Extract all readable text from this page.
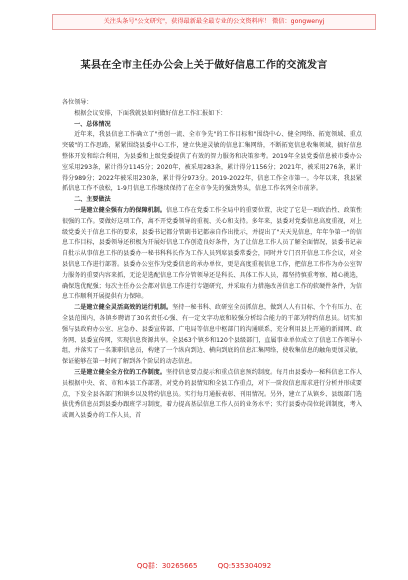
关注头条号"公文研究"，获得最新最全最专业的公文资料库！ 微信：gongwenyj
某县在全市主任办公会上关于做好信息工作的交流发言

各位领导：

根据会议安排，下面我就县如何做好信息工作汇报如下：

一、总体情况

近年来，我县信息工作确立了"勇创一流、全市争先"的工作目标和"围绕中心、健全网络、拓宽领域、重点突破"的工作思路，紧紧围绕县委中心工作，建立快速灵敏的信息汇集网络，不断拓宽信息收集领域，搞好信息整体开发和综合利用，为县委和上级党委提供了有效的智力服务和决策参考。2019年全县党委信息被市委办公室采用293条，累计得分1145分；2020年，被采用283条，累计得分1156分；2021年，被采用276条，累计得分989分；2022年被采用230条，累计得分973分。2019-2022年，信息工作全市第一。今年以来，我县紧抓信息工作不放松，1-9月信息工作继续保持了在全市争先的强劲势头，信息工作名列全市前茅。

二、主要做法

一是建立健全强有力的保障机制。信息工作在党委工作全局中的重要位置，决定了它是一项政治性、政策性很强的工作。要做好这项工作，离不开党委领导的重视、关心和支持。多年来，县委对党委信息高度重视，对上级党委关于信息工作的要求，县委书记都分管副书记都亲自作出批示，并提出了"天天见信息，年年争第一"的信息工作目标，县委领导还积极为开展好信息工作创造良好条件，为了让信息工作人员了解全面情况，县委书记亲自批示从事信息工作的县委办一秘书科科长作为工作人员列席县委常委会，同时并专门召开信息工作会议，对全县信息工作进行部署。县委办公室作为党委信息的承办单位，更是高度重视信息工作，把信息工作作为办公室智力服务的重要内容来抓，无论是选配信息工作分管领导还是科长、具体工作人员，都坚持慎重考察、精心挑选，确保选优配强；每次主任办公会都对信息工作进行专题研究，并采取有力措施改善信息工作的软硬件条件，为信息工作顺利开展提供有力保障。

二是建立健全灵活高效的运行机制。坚持一秘书科、政研室全员抓信息，做到人人有目标、个个有压力、在全县范围内，各镇乡聘请了30名责任心强、有一定文字功底和较强分析综合能力的干部为特约信息员。切实加强与县政府办公室、应急办、县委宣传部、广电局等信息中枢部门的沟通联系，充分利用县上开通的新闻网、政务网、县委宣传网，实现信息资源共享。全县63个镇乡和120个县级部门，直属事业单位成立了信息工作领导小组，并落实了一名兼职信息员，构建了一个纵向到边、横向到底的信息汇集网络，使收集信息的触角更加灵敏，保证能够在第一时间了解到各个阶层的动态信息。

三是建立健全全方位的工作制度。坚持信息要点提示和重点信息预约制度。每月由县委办一秘科信息工作人员根据中央、省、市和本县工作部署，对党办的县情知和全县工作重点，对下一阶段信息需求进行分析并形成要点，下发全县各部门和镇乡以及特约信息员。实行每月通报表彰、刊用情况。另外，建立了从镇乡、县级部门选拔优秀信息员到县委办跟班学习制度，着力提高基层信息工作人员的业务水平；实行县委办岗位轮训制度，考入或调入县委办的工作人员，首

QQ群：30265665	QQ:535304092
